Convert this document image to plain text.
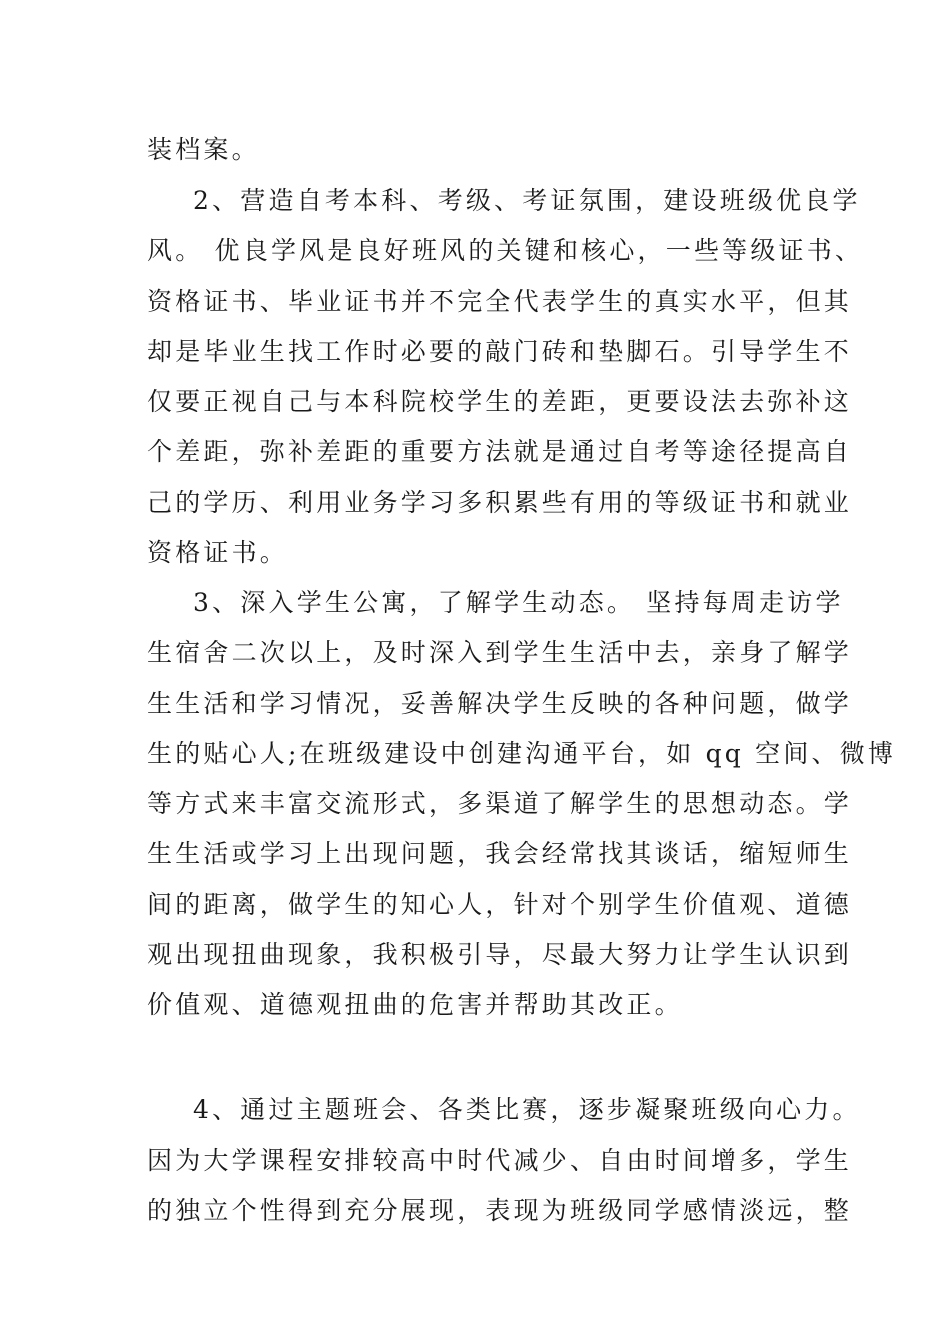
装档案。
2、营造自考本科、考级、考证氛围，建设班级优良学
风。 优良学风是良好班风的关键和核心，一些等级证书、
资格证书、毕业证书并不完全代表学生的真实水平，但其
却是毕业生找工作时必要的敲门砖和垫脚石。引导学生不
仅要正视自己与本科院校学生的差距，更要设法去弥补这
个差距，弥补差距的重要方法就是通过自考等途径提高自
己的学历、利用业务学习多积累些有用的等级证书和就业
资格证书。
3、深入学生公寓，了解学生动态。 坚持每周走访学
生宿舍二次以上，及时深入到学生生活中去，亲身了解学
生生活和学习情况，妥善解决学生反映的各种问题，做学
生的贴心人;在班级建设中创建沟通平台，如 qq 空间、微博
等方式来丰富交流形式，多渠道了解学生的思想动态。学
生生活或学习上出现问题，我会经常找其谈话，缩短师生
间的距离，做学生的知心人，针对个别学生价值观、道德
观出现扭曲现象，我积极引导，尽最大努力让学生认识到
价值观、道德观扭曲的危害并帮助其改正。
4、通过主题班会、各类比赛，逐步凝聚班级向心力。
因为大学课程安排较高中时代减少、自由时间增多，学生
的独立个性得到充分展现，表现为班级同学感情淡远，整
